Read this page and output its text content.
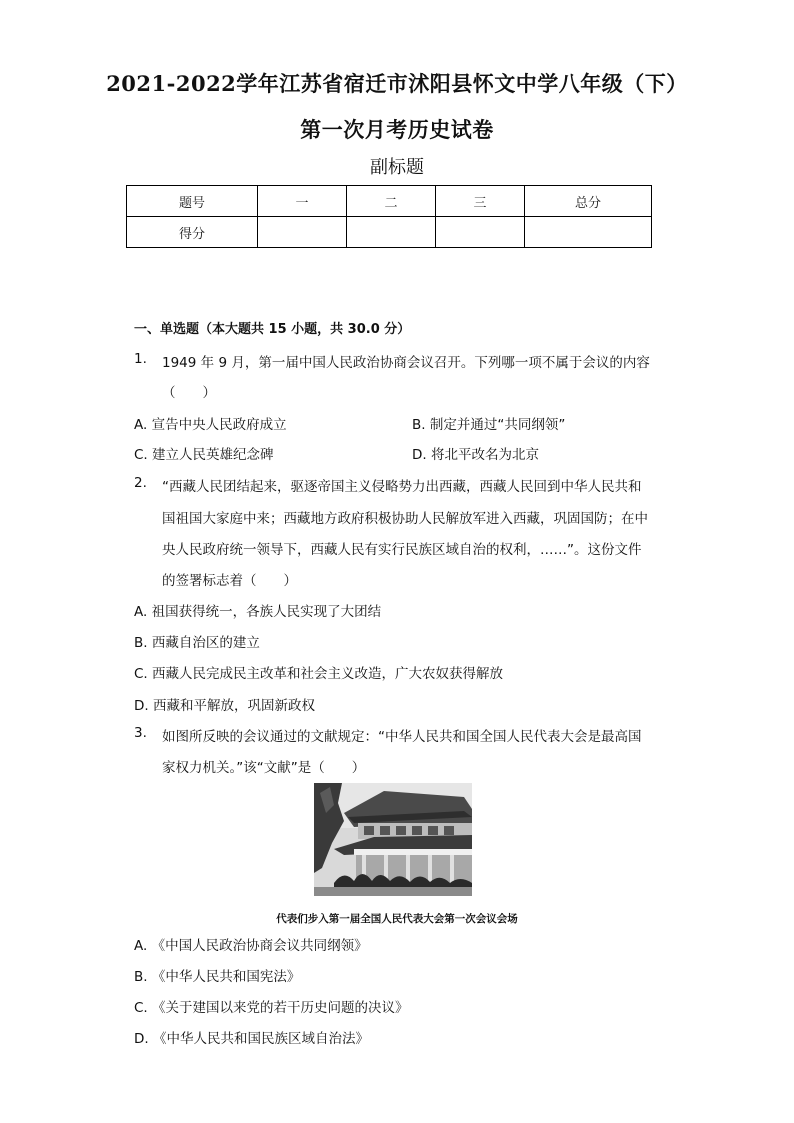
2021-2022学年江苏省宿迁市沭阳县怀文中学八年级（下）
第一次月考历史试卷
副标题
题号	一	二	三	总分
得分				
一、单选题（本大题共 15 小题，共 30.0 分）
1. 1949 年 9 月，第一届中国人民政治协商会议召开。下列哪一项不属于会议的内容
（　　）
A. 宣告中央人民政府成立	B. 制定并通过“共同纲领”
C. 建立人民英雄纪念碑	D. 将北平改名为北京
2. “西藏人民团结起来，驱逐帝国主义侵略势力出西藏，西藏人民回到中华人民共和
国祖国大家庭中来；西藏地方政府积极协助人民解放军进入西藏，巩固国防；在中
央人民政府统一领导下，西藏人民有实行民族区域自治的权利，……”。这份文件
的签署标志着（　　）
A. 祖国获得统一，各族人民实现了大团结
B. 西藏自治区的建立
C. 西藏人民完成民主改革和社会主义改造，广大农奴获得解放
D. 西藏和平解放，巩固新政权
3. 如图所反映的会议通过的文献规定：“中华人民共和国全国人民代表大会是最高国
家权力机关。”该“文献”是（　　）
代表们步入第一届全国人民代表大会第一次会议会场
A. 《中国人民政治协商会议共同纲领》
B. 《中华人民共和国宪法》
C. 《关于建国以来党的若干历史问题的决议》
D. 《中华人民共和国民族区域自治法》
